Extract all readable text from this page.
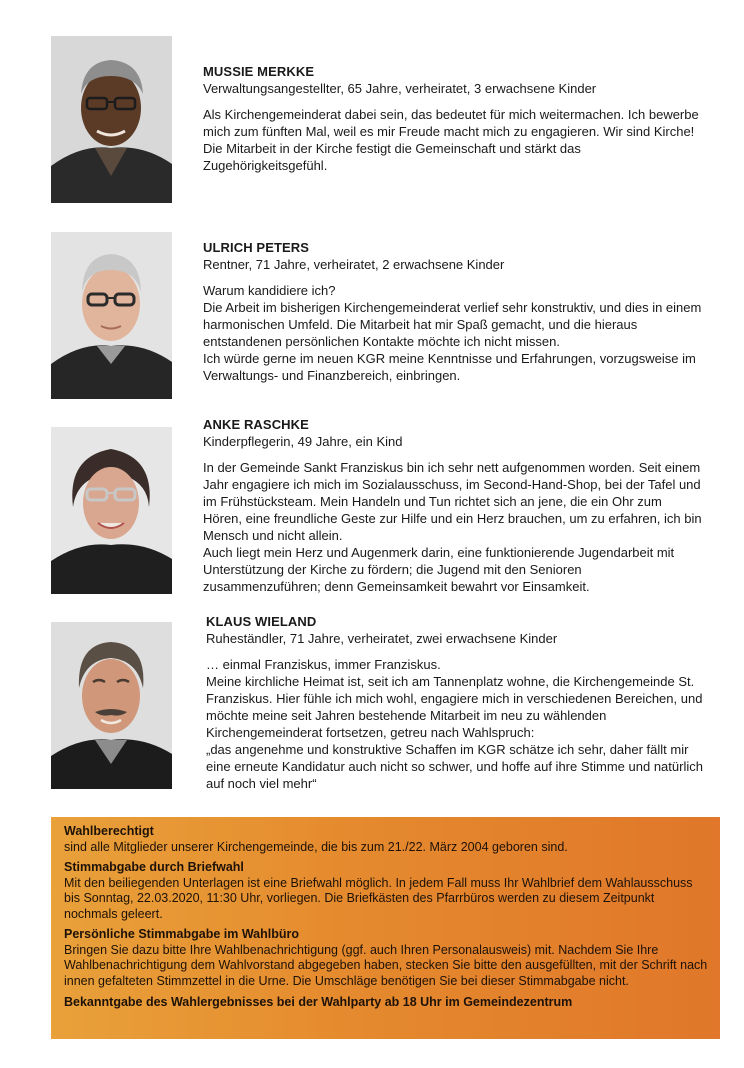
MUSSIE MERKKE
Verwaltungsangestellter, 65 Jahre, verheiratet, 3 erwachsene Kinder

Als Kirchengemeinderat dabei sein, das bedeutet für mich weitermachen. Ich bewerbe mich zum fünften Mal, weil es mir Freude macht mich zu engagieren. Wir sind Kirche! Die Mitarbeit in der Kirche festigt die Gemeinschaft und stärkt das Zugehörigkeitsgefühl.

ULRICH PETERS
Rentner, 71 Jahre, verheiratet, 2 erwachsene Kinder

Warum kandidiere ich?

Die Arbeit im bisherigen Kirchengemeinderat verlief sehr konstruktiv, und dies in einem harmonischen Umfeld. Die Mitarbeit hat mir Spaß gemacht, und die hieraus entstandenen persönlichen Kontakte möchte ich nicht missen.

Ich würde gerne im neuen KGR meine Kenntnisse und Erfahrungen, vorzugsweise im Verwaltungs- und Finanzbereich, einbringen.

ANKE RASCHKE
Kinderpflegerin, 49 Jahre, ein Kind

In der Gemeinde Sankt Franziskus bin ich sehr nett aufgenommen worden. Seit einem Jahr engagiere ich mich im Sozialausschuss, im Second-Hand-Shop, bei der Tafel und im Frühstücksteam. Mein Handeln und Tun richtet sich an jene, die ein Ohr zum Hören, eine freundliche Geste zur Hilfe und ein Herz brauchen, um zu erfahren, ich bin Mensch und nicht allein.

Auch liegt mein Herz und Augenmerk darin, eine funktionierende Jugendarbeit mit Unterstützung der Kirche zu fördern; die Jugend mit den Senioren zusammenzuführen; denn Gemeinsamkeit bewahrt vor Einsamkeit.

KLAUS WIELAND
Ruheständler, 71 Jahre, verheiratet, zwei erwachsene Kinder

… einmal Franziskus, immer Franziskus.

Meine kirchliche Heimat ist, seit ich am Tannenplatz wohne, die Kirchengemeinde St. Franziskus. Hier fühle ich mich wohl, engagiere mich in verschiedenen Bereichen, und möchte meine seit Jahren bestehende Mitarbeit im neu zu wählenden Kirchengemeinderat fortsetzen, getreu nach Wahlspruch:

„das angenehme und konstruktive Schaffen im KGR schätze ich sehr, daher fällt mir eine erneute Kandidatur auch nicht so schwer, und hoffe auf ihre Stimme und natürlich auf noch viel mehr“

Wahlberechtigt

sind alle Mitglieder unserer Kirchengemeinde, die bis zum 21./22. März 2004 geboren sind.

Stimmabgabe durch Briefwahl

Mit den beiliegenden Unterlagen ist eine Briefwahl möglich. In jedem Fall muss Ihr Wahlbrief dem Wahlausschuss bis Sonntag, 22.03.2020, 11:30 Uhr, vorliegen. Die Briefkästen des Pfarrbüros werden zu diesem Zeitpunkt nochmals geleert.

Persönliche Stimmabgabe im Wahlbüro

Bringen Sie dazu bitte Ihre Wahlbenachrichtigung (ggf. auch Ihren Personalausweis) mit. Nachdem Sie Ihre Wahlbenachrichtigung dem Wahlvorstand abgegeben haben, stecken Sie bitte den ausgefüllten, mit der Schrift nach innen gefalteten Stimmzettel in die Urne. Die Umschläge benötigen Sie bei dieser Stimmabgabe nicht.

Bekanntgabe des Wahlergebnisses bei der Wahlparty ab 18 Uhr im Gemeindezentrum
